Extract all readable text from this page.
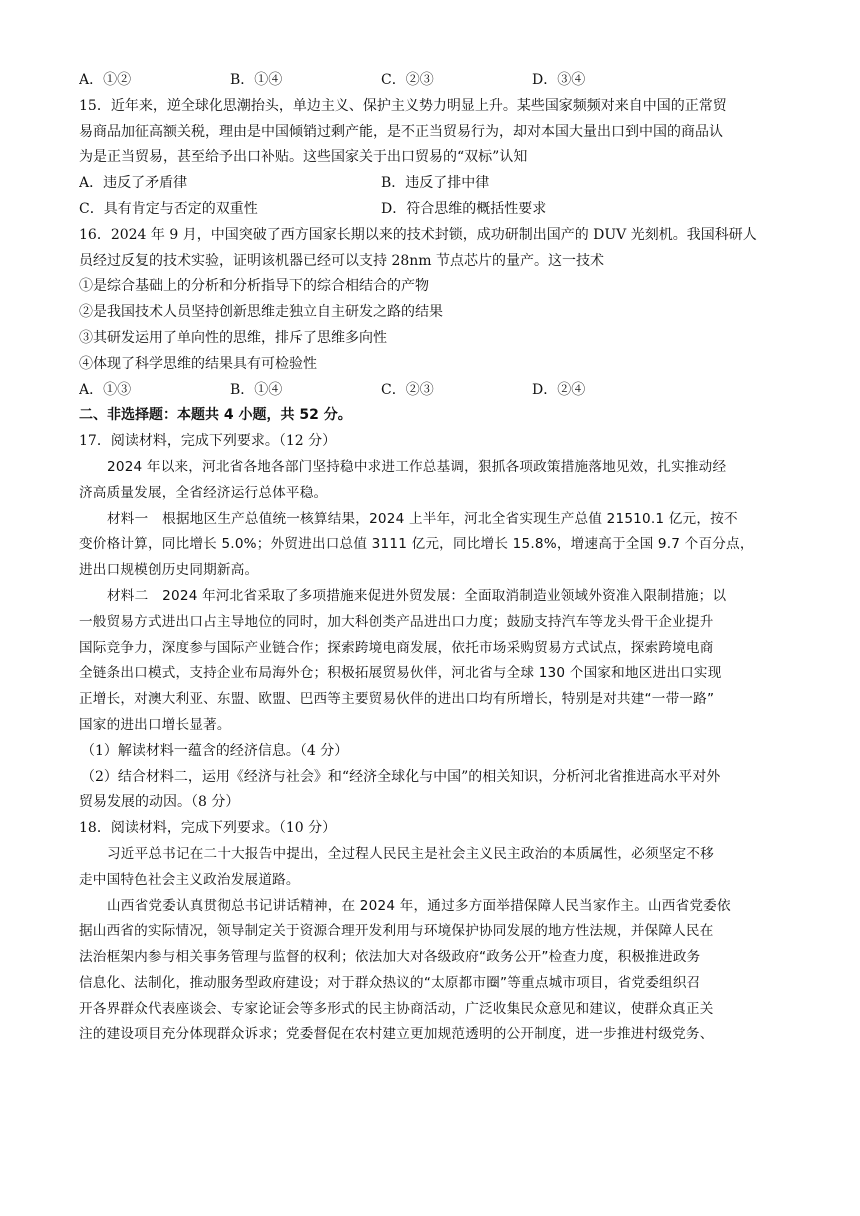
A．①②	B．①④	C．②③	D．③④
15．近年来，逆全球化思潮抬头，单边主义、保护主义势力明显上升。某些国家频频对来自中国的正常贸
易商品加征高额关税，理由是中国倾销过剩产能，是不正当贸易行为，却对本国大量出口到中国的商品认
为是正当贸易，甚至给予出口补贴。这些国家关于出口贸易的“双标”认知
A．违反了矛盾律	B．违反了排中律
C．具有肯定与否定的双重性	D．符合思维的概括性要求
16．2024 年 9 月，中国突破了西方国家长期以来的技术封锁，成功研制出国产的 DUV 光刻机。我国科研人
员经过反复的技术实验，证明该机器已经可以支持 28nm 节点芯片的量产。这一技术
①是综合基础上的分析和分析指导下的综合相结合的产物
②是我国技术人员坚持创新思维走独立自主研发之路的结果
③其研发运用了单向性的思维，排斥了思维多向性
④体现了科学思维的结果具有可检验性
A．①③	B．①④	C．②③	D．②④
二、非选择题：本题共 4 小题，共 52 分。
17．阅读材料，完成下列要求。（12 分）
2024 年以来，河北省各地各部门坚持稳中求进工作总基调，狠抓各项政策措施落地见效，扎实推动经
济高质量发展，全省经济运行总体平稳。
材料一　根据地区生产总值统一核算结果，2024 上半年，河北全省实现生产总值 21510.1 亿元，按不
变价格计算，同比增长 5.0%；外贸进出口总值 3111 亿元，同比增长 15.8%，增速高于全国 9.7 个百分点，
进出口规模创历史同期新高。
材料二　2024 年河北省采取了多项措施来促进外贸发展：全面取消制造业领域外资准入限制措施；以
一般贸易方式进出口占主导地位的同时，加大科创类产品进出口力度；鼓励支持汽车等龙头骨干企业提升
国际竞争力，深度参与国际产业链合作；探索跨境电商发展，依托市场采购贸易方式试点，探索跨境电商
全链条出口模式，支持企业布局海外仓；积极拓展贸易伙伴，河北省与全球 130 个国家和地区进出口实现
正增长，对澳大利亚、东盟、欧盟、巴西等主要贸易伙伴的进出口均有所增长，特别是对共建“一带一路”
国家的进出口增长显著。
（1）解读材料一蕴含的经济信息。（4 分）
（2）结合材料二，运用《经济与社会》和“经济全球化与中国”的相关知识，分析河北省推进高水平对外
贸易发展的动因。（8 分）
18．阅读材料，完成下列要求。（10 分）
习近平总书记在二十大报告中提出，全过程人民民主是社会主义民主政治的本质属性，必须坚定不移
走中国特色社会主义政治发展道路。
山西省党委认真贯彻总书记讲话精神，在 2024 年，通过多方面举措保障人民当家作主。山西省党委依
据山西省的实际情况，领导制定关于资源合理开发利用与环境保护协同发展的地方性法规，并保障人民在
法治框架内参与相关事务管理与监督的权利；依法加大对各级政府“政务公开”检查力度，积极推进政务
信息化、法制化，推动服务型政府建设；对于群众热议的“太原都市圈”等重点城市项目，省党委组织召
开各界群众代表座谈会、专家论证会等多形式的民主协商活动，广泛收集民众意见和建议，使群众真正关
注的建设项目充分体现群众诉求；党委督促在农村建立更加规范透明的公开制度，进一步推进村级党务、
